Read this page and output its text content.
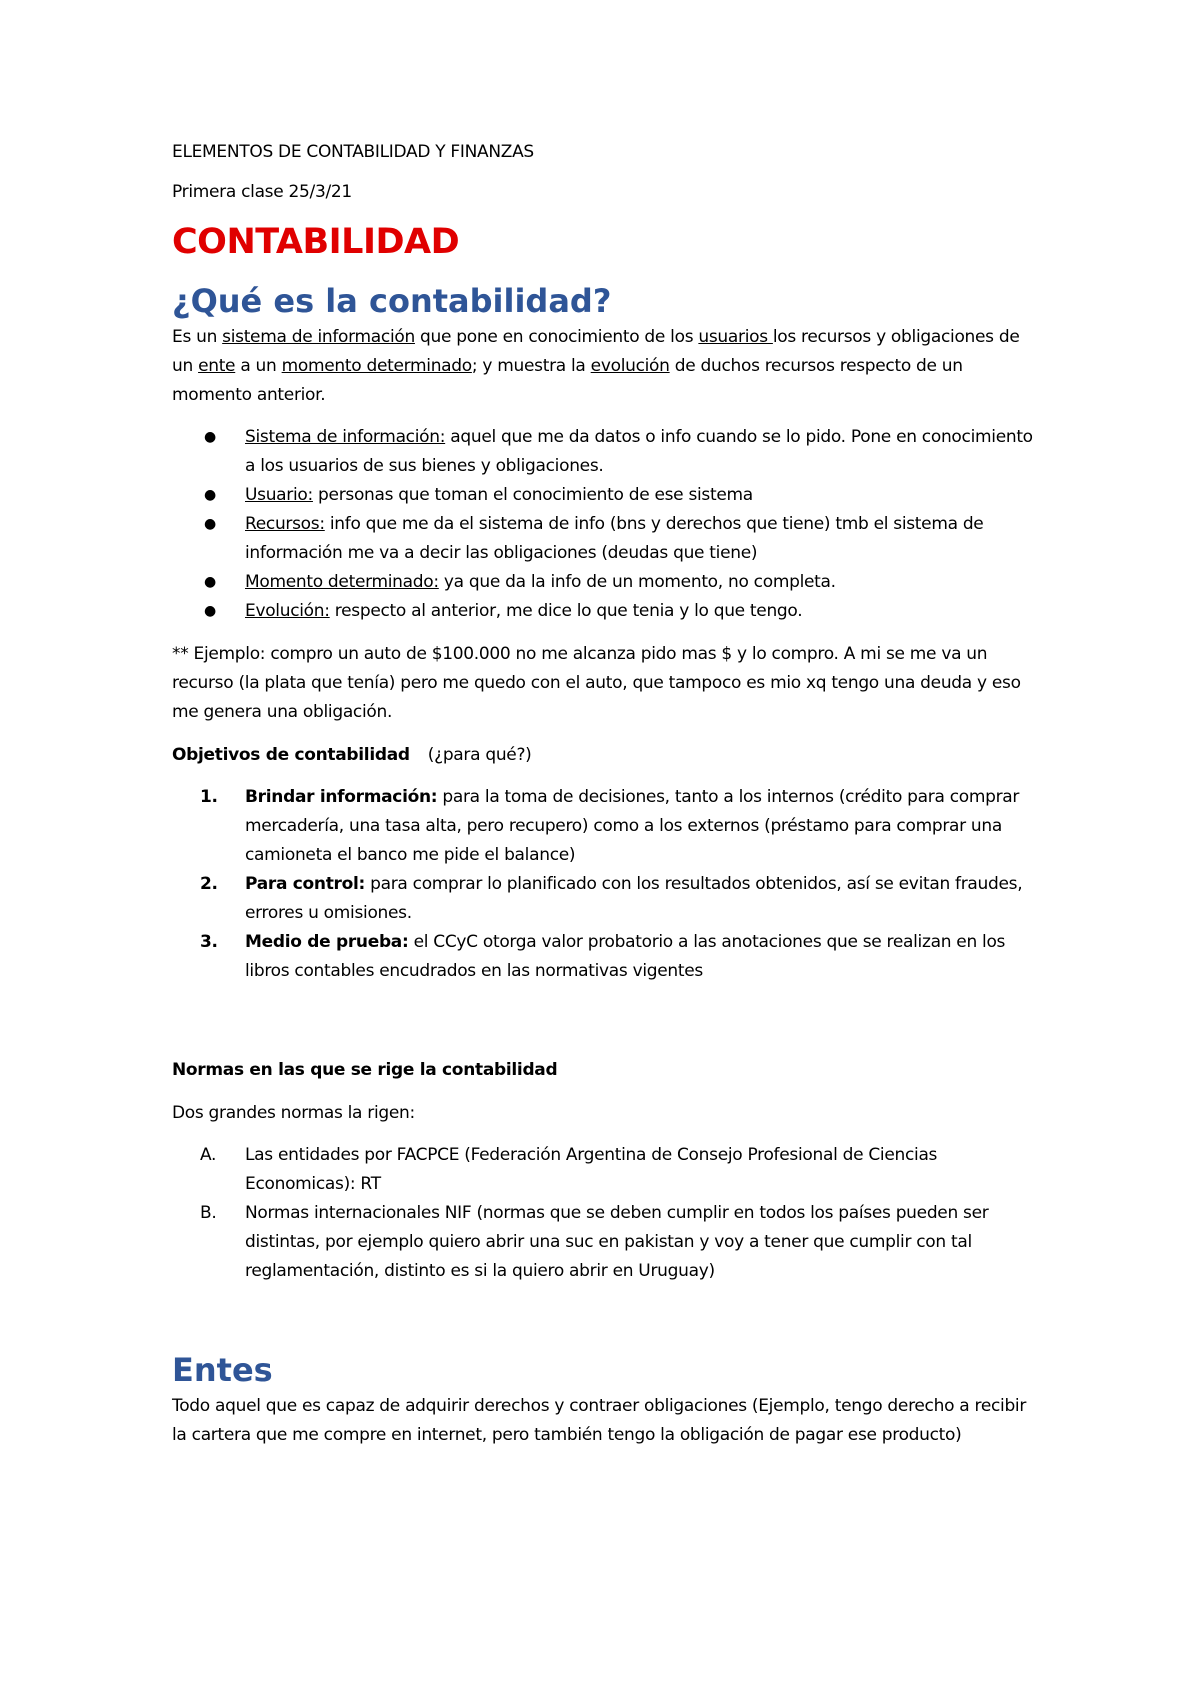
ELEMENTOS DE CONTABILIDAD Y FINANZAS

Primera clase 25/3/21

CONTABILIDAD
¿Qué es la contabilidad?

Es un sistema de información que pone en conocimiento de los usuarios los recursos y obligaciones de un ente a un momento determinado; y muestra la evolución de duchos recursos respecto de un momento anterior.

● Sistema de información: aquel que me da datos o info cuando se lo pido. Pone en conocimiento a los usuarios de sus bienes y obligaciones.
● Usuario: personas que toman el conocimiento de ese sistema
● Recursos: info que me da el sistema de info (bns y derechos que tiene) tmb el sistema de información me va a decir las obligaciones (deudas que tiene)
● Momento determinado: ya que da la info de un momento, no completa.
● Evolución: respecto al anterior, me dice lo que tenia y lo que tengo.

** Ejemplo: compro un auto de $100.000 no me alcanza pido mas $ y lo compro. A mi se me va un recurso (la plata que tenía) pero me quedo con el auto, que tampoco es mio xq tengo una deuda y eso me genera una obligación.

Objetivos de contabilidad (¿para qué?)

1. Brindar información: para la toma de decisiones, tanto a los internos (crédito para comprar mercadería, una tasa alta, pero recupero) como a los externos (préstamo para comprar una camioneta el banco me pide el balance)
2. Para control: para comprar lo planificado con los resultados obtenidos, así se evitan fraudes, errores u omisiones.
3. Medio de prueba: el CCyC otorga valor probatorio a las anotaciones que se realizan en los libros contables encudrados en las normativas vigentes

Normas en las que se rige la contabilidad

Dos grandes normas la rigen:

A. Las entidades por FACPCE (Federación Argentina de Consejo Profesional de Ciencias Economicas): RT
B. Normas internacionales NIF (normas que se deben cumplir en todos los países pueden ser distintas, por ejemplo quiero abrir una suc en pakistan y voy a tener que cumplir con tal reglamentación, distinto es si la quiero abrir en Uruguay)
Entes

Todo aquel que es capaz de adquirir derechos y contraer obligaciones (Ejemplo, tengo derecho a recibir la cartera que me compre en internet, pero también tengo la obligación de pagar ese producto)
